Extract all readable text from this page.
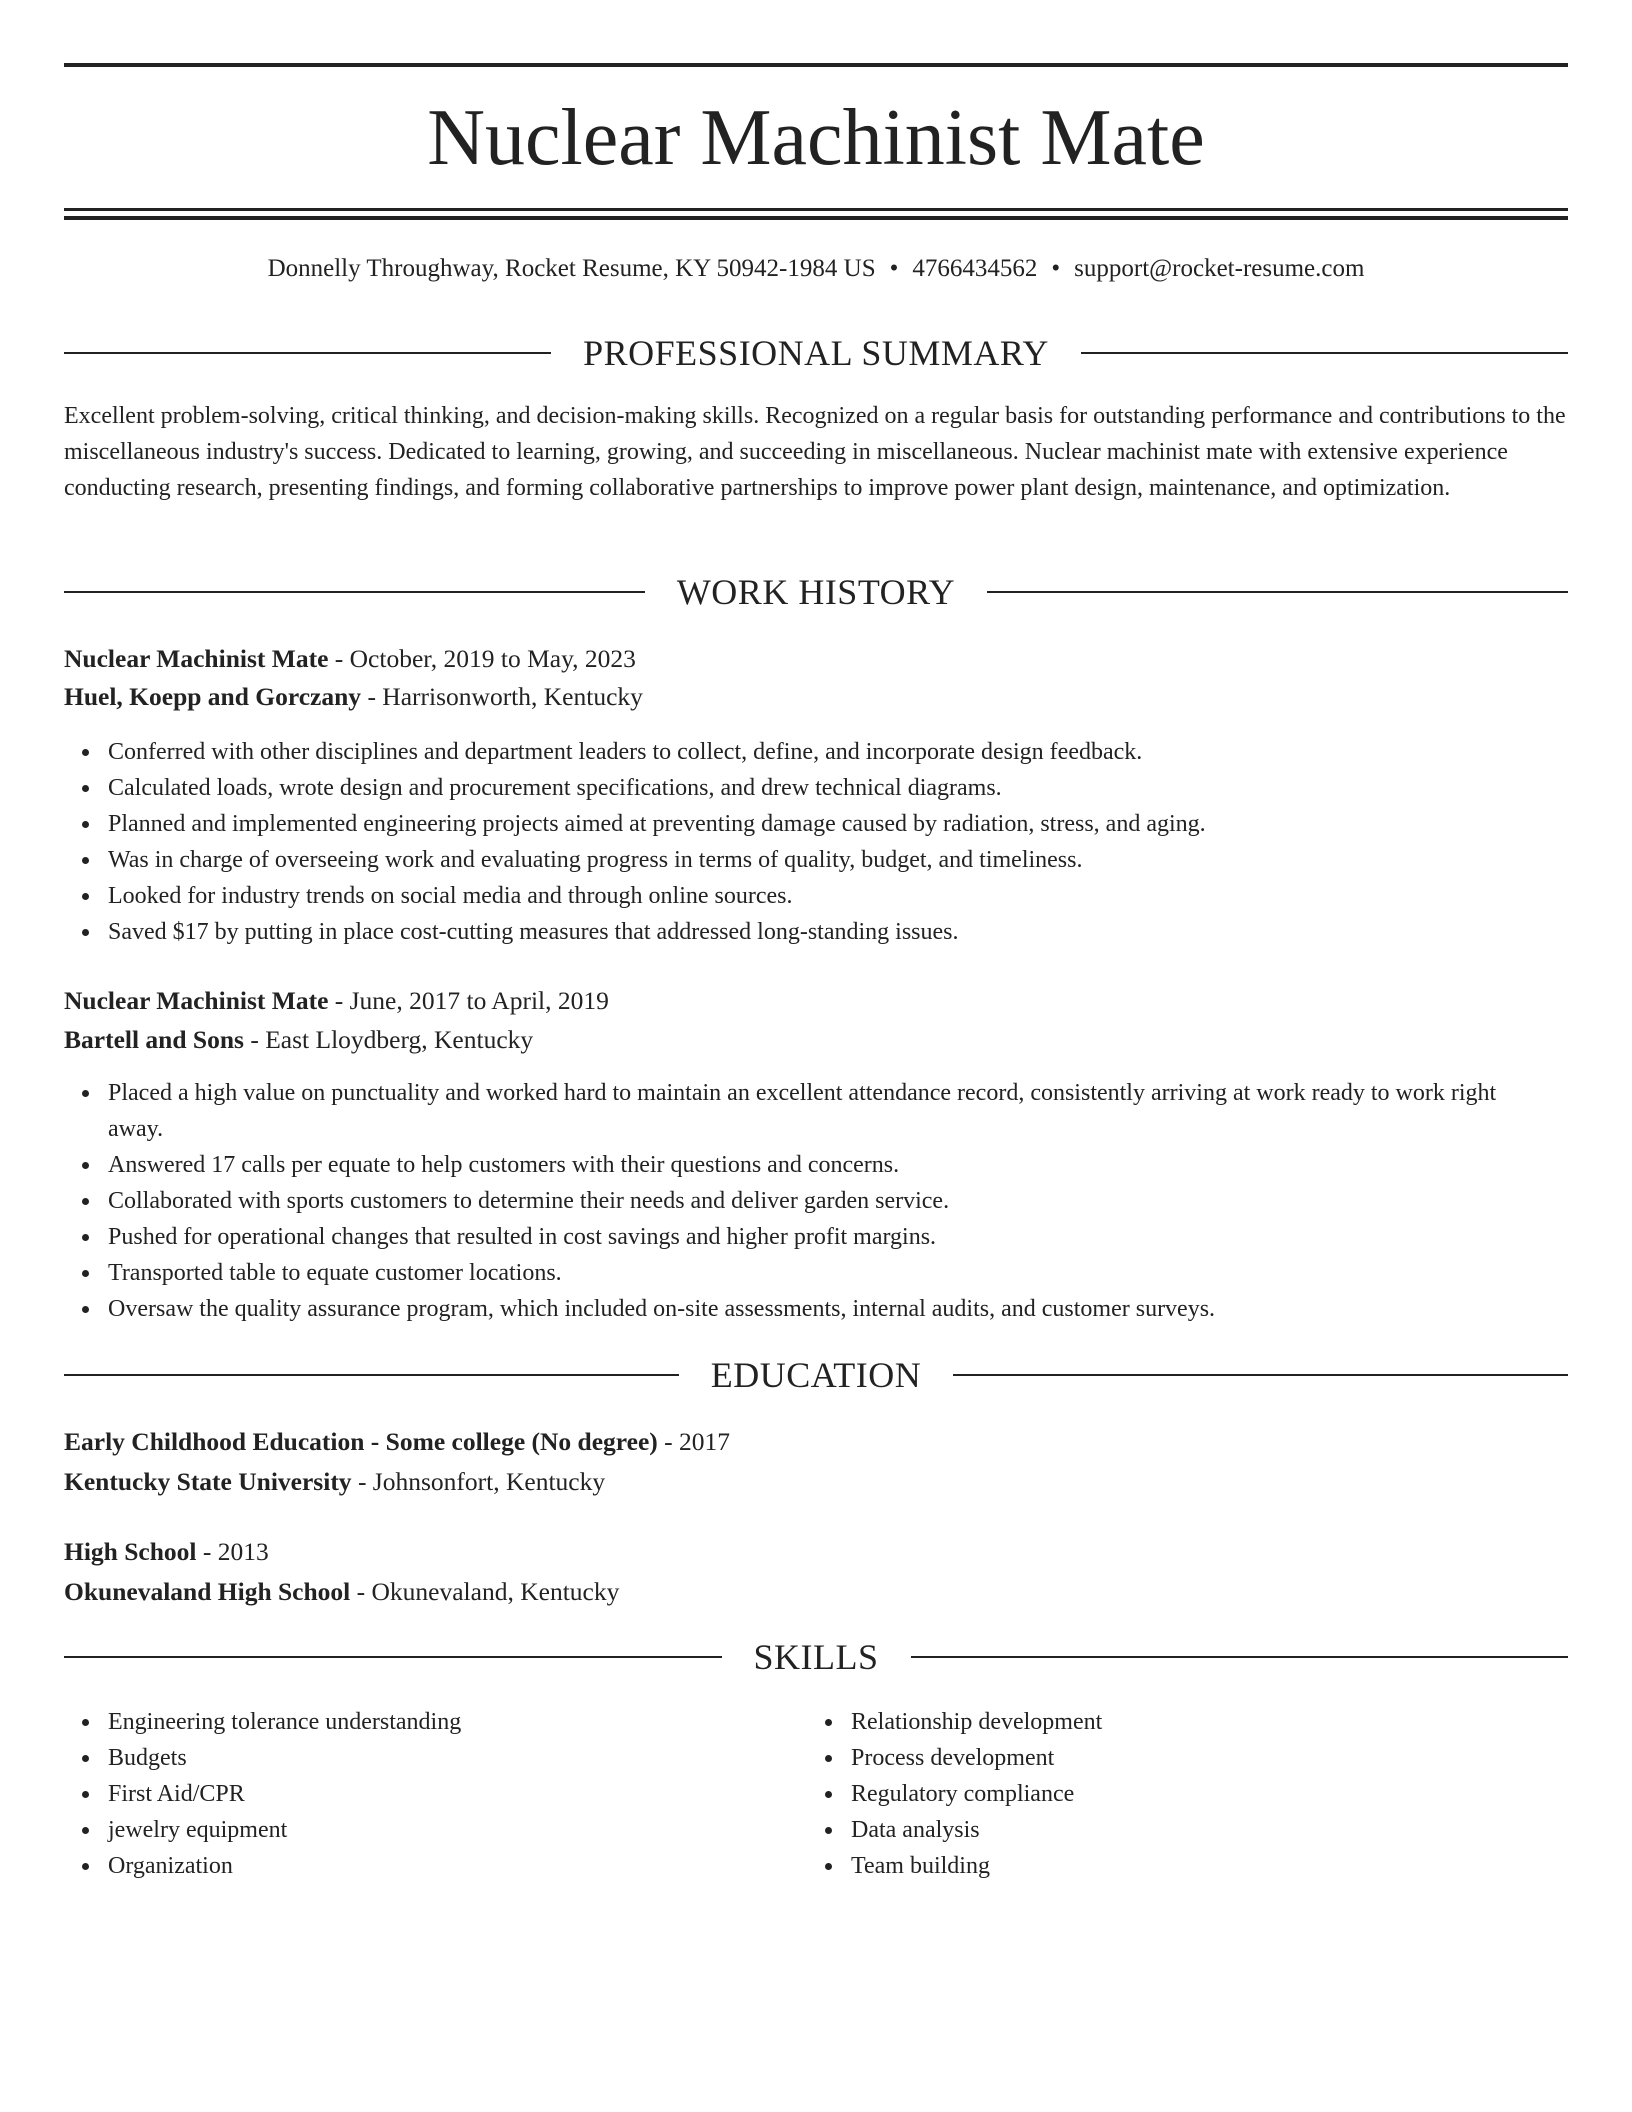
Nuclear Machinist Mate
Donnelly Throughway, Rocket Resume, KY 50942-1984 US • 4766434562 • support@rocket-resume.com
PROFESSIONAL SUMMARY

Excellent problem-solving, critical thinking, and decision-making skills. Recognized on a regular basis for outstanding performance and contributions to the miscellaneous industry's success. Dedicated to learning, growing, and succeeding in miscellaneous. Nuclear machinist mate with extensive experience conducting research, presenting findings, and forming collaborative partnerships to improve power plant design, maintenance, and optimization.

WORK HISTORY
Nuclear Machinist Mate - October, 2019 to May, 2023
Huel, Koepp and Gorczany - Harrisonworth, Kentucky
Conferred with other disciplines and department leaders to collect, define, and incorporate design feedback.
Calculated loads, wrote design and procurement specifications, and drew technical diagrams.
Planned and implemented engineering projects aimed at preventing damage caused by radiation, stress, and aging.
Was in charge of overseeing work and evaluating progress in terms of quality, budget, and timeliness.
Looked for industry trends on social media and through online sources.
Saved $17 by putting in place cost-cutting measures that addressed long-standing issues.
Nuclear Machinist Mate - June, 2017 to April, 2019
Bartell and Sons - East Lloydberg, Kentucky
Placed a high value on punctuality and worked hard to maintain an excellent attendance record, consistently arriving at work ready to work right away.
Answered 17 calls per equate to help customers with their questions and concerns.
Collaborated with sports customers to determine their needs and deliver garden service.
Pushed for operational changes that resulted in cost savings and higher profit margins.
Transported table to equate customer locations.
Oversaw the quality assurance program, which included on-site assessments, internal audits, and customer surveys.
EDUCATION
Early Childhood Education - Some college (No degree) - 2017
Kentucky State University - Johnsonfort, Kentucky
High School - 2013
Okunevaland High School - Okunevaland, Kentucky
SKILLS
Engineering tolerance understanding
Budgets
First Aid/CPR
jewelry equipment
Organization
Relationship development
Process development
Regulatory compliance
Data analysis
Team building
